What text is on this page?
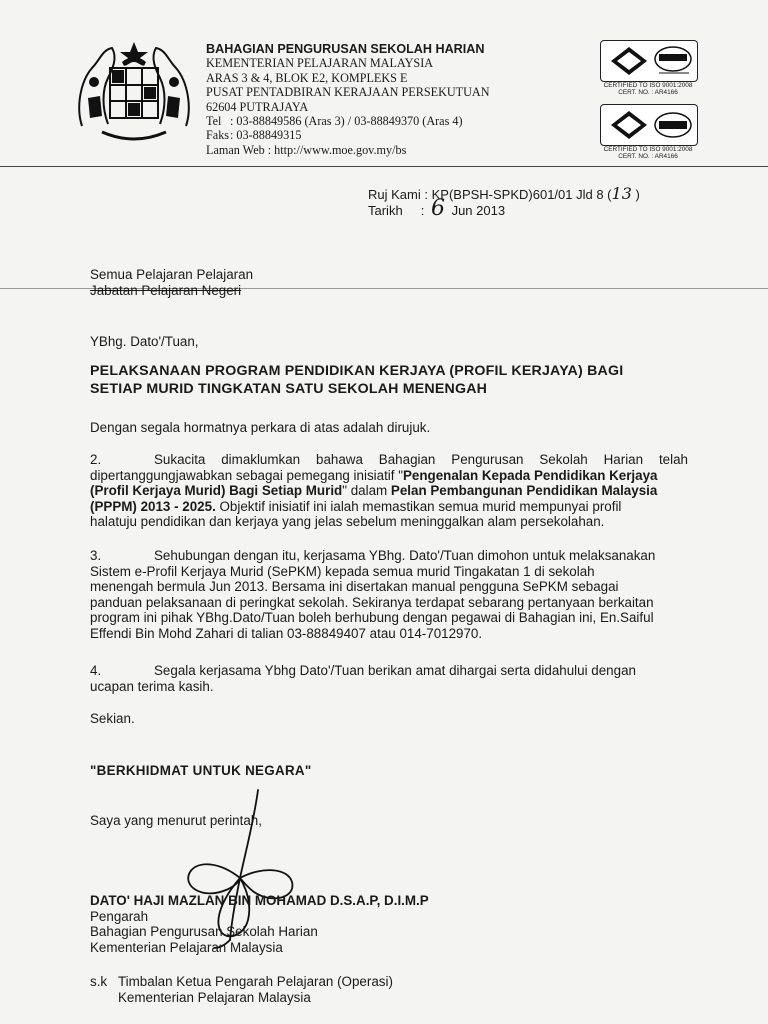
BAHAGIAN PENGURUSAN SEKOLAH HARIAN
KEMENTERIAN PELAJARAN MALAYSIA
ARAS 3 & 4, BLOK E2, KOMPLEKS E
PUSAT PENTADBIRAN KERAJAAN PERSEKUTUAN
62604 PUTRAJAYA
Tel : 03-88849586 (Aras 3) / 03-88849370 (Aras 4)
Faks: 03-88849315
Laman Web : http://www.moe.gov.my/bs
CERTIFIED TO ISO 9001:2008
CERT. NO. : AR4166
CERTIFIED TO ISO 9001:2008
CERT. NO. : AR4166
Ruj Kami : KP(BPSH-SPKD)601/01 Jld 8 (13 )
Tarikh : 6 Jun 2013
Semua Pelajaran Pelajaran
Jabatan Pelajaran Negeri
YBhg. Dato'/Tuan,
PELAKSANAAN PROGRAM PENDIDIKAN KERJAYA (PROFIL KERJAYA) BAGI
SETIAP MURID TINGKATAN SATU SEKOLAH MENENGAH
Dengan segala hormatnya perkara di atas adalah dirujuk.
2.	Sukacita dimaklumkan bahawa Bahagian Pengurusan Sekolah Harian telah
dipertanggungjawabkan sebagai pemegang inisiatif "Pengenalan Kepada Pendidikan Kerjaya
(Profil Kerjaya Murid) Bagi Setiap Murid" dalam Pelan Pembangunan Pendidikan Malaysia
(PPPM) 2013 - 2025. Objektif inisiatif ini ialah memastikan semua murid mempunyai profil
halatuju pendidikan dan kerjaya yang jelas sebelum meninggalkan alam persekolahan.
3.	Sehubungan dengan itu, kerjasama YBhg. Dato'/Tuan dimohon untuk melaksanakan
Sistem e-Profil Kerjaya Murid (SePKM) kepada semua murid Tingakatan 1 di sekolah
menengah bermula Jun 2013. Bersama ini disertakan manual pengguna SePKM sebagai
panduan pelaksanaan di peringkat sekolah. Sekiranya terdapat sebarang pertanyaan berkaitan
program ini pihak YBhg.Dato/Tuan boleh berhubung dengan pegawai di Bahagian ini, En.Saiful
Effendi Bin Mohd Zahari di talian 03-88849407 atau 014-7012970.
4.	Segala kerjasama Ybhg Dato'/Tuan berikan amat dihargai serta didahului dengan
ucapan terima kasih.
Sekian.
"BERKHIDMAT UNTUK NEGARA"
Saya yang menurut perintah,
DATO' HAJI MAZLAN BIN MOHAMAD D.S.A.P, D.I.M.P
Pengarah
Bahagian Pengurusan Sekolah Harian
Kementerian Pelajaran Malaysia
s.k Timbalan Ketua Pengarah Pelajaran (Operasi)
Kementerian Pelajaran Malaysia
